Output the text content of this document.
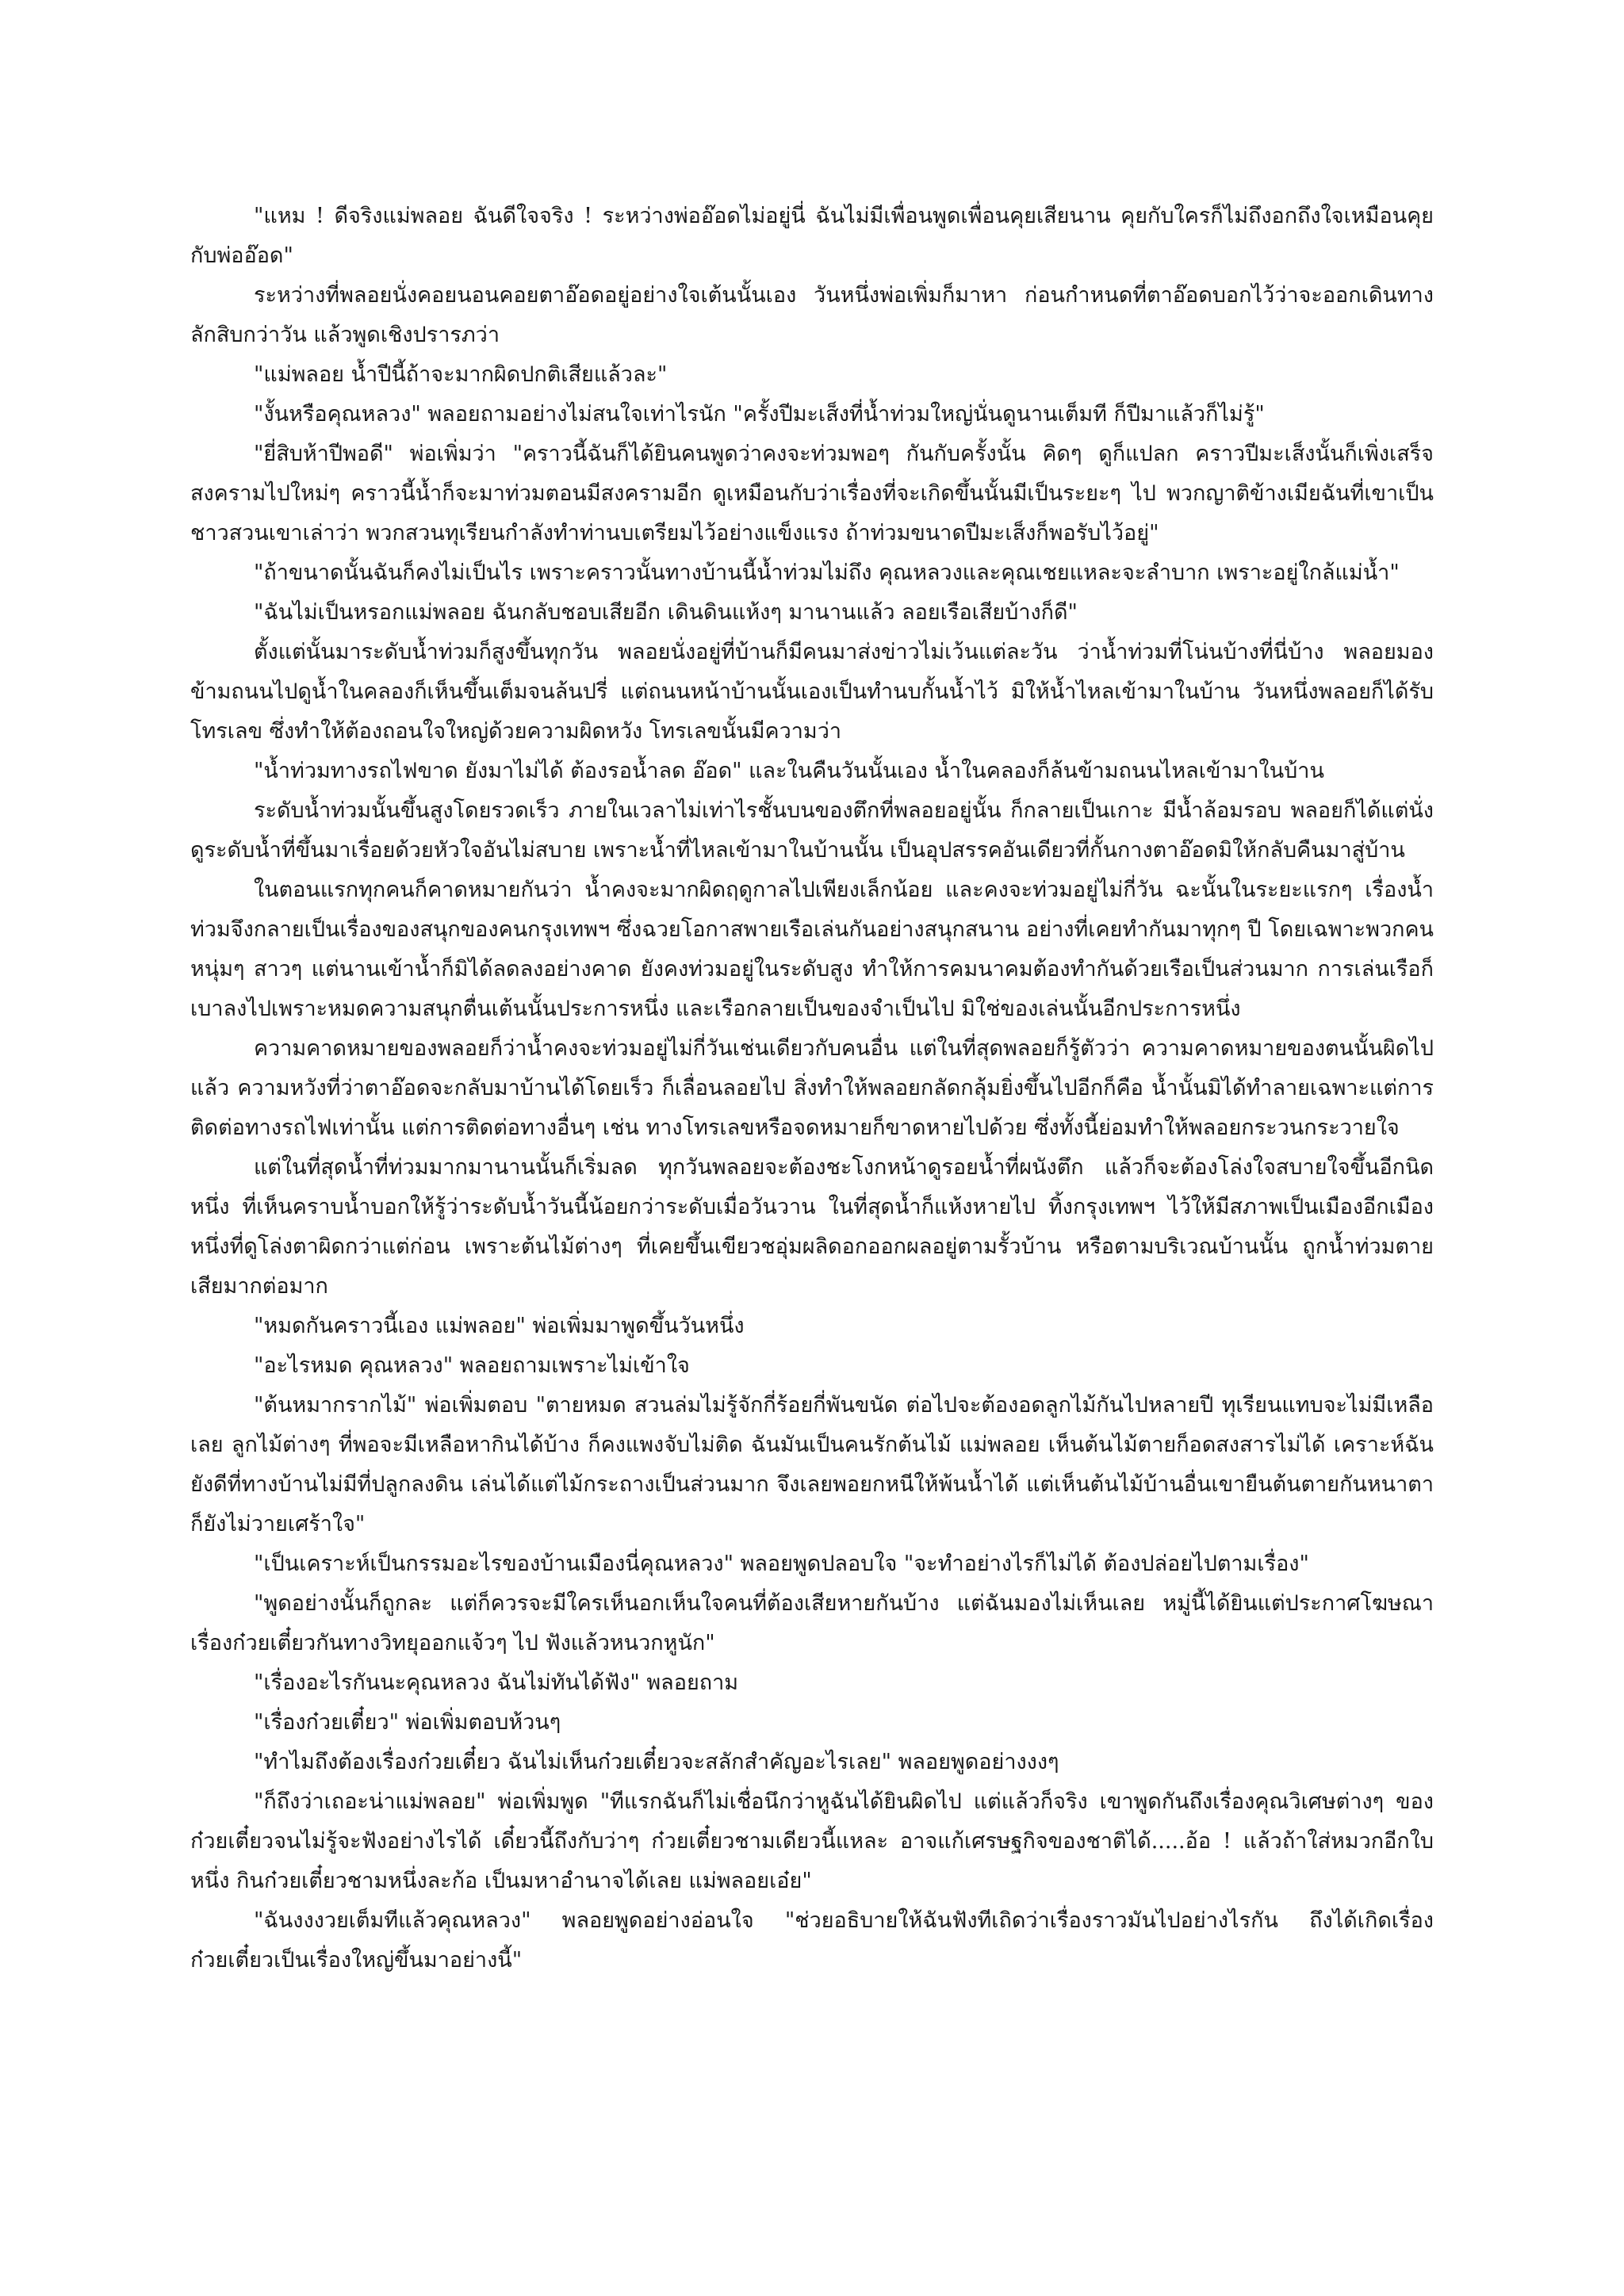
"แหม ! ดีจริงแม่พลอย ฉันดีใจจริง ! ระหว่างพ่ออ๊อดไม่อยู่นี่ ฉันไม่มีเพื่อนพูดเพื่อนคุยเสียนาน คุยกับใครก็ไม่ถึงอกถึงใจเหมือนคุยกับพ่ออ๊อด"

ระหว่างที่พลอยนั่งคอยนอนคอยตาอ๊อดอยู่อย่างใจเต้นนั้นเอง วันหนึ่งพ่อเพิ่มก็มาหา ก่อนกำหนดที่ตาอ๊อดบอกไว้ว่าจะออกเดินทางลักสิบกว่าวัน แล้วพูดเชิงปรารภว่า

"แม่พลอย น้ำปีนี้ถ้าจะมากผิดปกติเสียแล้วละ"

"งั้นหรือคุณหลวง" พลอยถามอย่างไม่สนใจเท่าไรนัก "ครั้งปีมะเส็งที่น้ำท่วมใหญ่นั่นดูนานเต็มที ก็ปีมาแล้วก็ไม่รู้"

"ยี่สิบห้าปีพอดี" พ่อเพิ่มว่า "คราวนี้ฉันก็ได้ยินคนพูดว่าคงจะท่วมพอๆ กันกับครั้งนั้น คิดๆ ดูก็แปลก คราวปีมะเส็งนั้นก็เพิ่งเสร็จสงครามไปใหม่ๆ คราวนี้น้ำก็จะมาท่วมตอนมีสงครามอีก ดูเหมือนกับว่าเรื่องที่จะเกิดขึ้นนั้นมีเป็นระยะๆ ไป พวกญาติข้างเมียฉันที่เขาเป็นชาวสวนเขาเล่าว่า พวกสวนทุเรียนกำลังทำท่านบเตรียมไว้อย่างแข็งแรง ถ้าท่วมขนาดปีมะเส็งก็พอรับไว้อยู่"

"ถ้าขนาดนั้นฉันก็คงไม่เป็นไร เพราะคราวนั้นทางบ้านนี้น้ำท่วมไม่ถึง คุณหลวงและคุณเชยแหละจะลำบาก เพราะอยู่ใกล้แม่น้ำ"

"ฉันไม่เป็นหรอกแม่พลอย ฉันกลับชอบเสียอีก เดินดินแห้งๆ มานานแล้ว ลอยเรือเสียบ้างก็ดี"

ตั้งแต่นั้นมาระดับน้ำท่วมก็สูงขึ้นทุกวัน พลอยนั่งอยู่ที่บ้านก็มีคนมาส่งข่าวไม่เว้นแต่ละวัน ว่าน้ำท่วมที่โน่นบ้างที่นี่บ้าง พลอยมองข้ามถนนไปดูน้ำในคลองก็เห็นขึ้นเต็มจนล้นปรี่ แต่ถนนหน้าบ้านนั้นเองเป็นทำนบกั้นน้ำไว้ มิให้น้ำไหลเข้ามาในบ้าน วันหนึ่งพลอยก็ได้รับโทรเลข ซึ่งทำให้ต้องถอนใจใหญ่ด้วยความผิดหวัง โทรเลขนั้นมีความว่า

"น้ำท่วมทางรถไฟขาด ยังมาไม่ได้ ต้องรอน้ำลด อ๊อด" และในคืนวันนั้นเอง น้ำในคลองก็ล้นข้ามถนนไหลเข้ามาในบ้าน

ระดับน้ำท่วมนั้นขึ้นสูงโดยรวดเร็ว ภายในเวลาไม่เท่าไรชั้นบนของตึกที่พลอยอยู่นั้น ก็กลายเป็นเกาะ มีน้ำล้อมรอบ พลอยก็ได้แต่นั่งดูระดับน้ำที่ขึ้นมาเรื่อยด้วยหัวใจอันไม่สบาย เพราะน้ำที่ไหลเข้ามาในบ้านนั้น เป็นอุปสรรคอันเดียวที่กั้นกางตาอ๊อดมิให้กลับคืนมาสู่บ้าน

ในตอนแรกทุกคนก็คาดหมายกันว่า น้ำคงจะมากผิดฤดูกาลไปเพียงเล็กน้อย และคงจะท่วมอยู่ไม่กี่วัน ฉะนั้นในระยะแรกๆ เรื่องน้ำท่วมจึงกลายเป็นเรื่องของสนุกของคนกรุงเทพฯ ซึ่งฉวยโอกาสพายเรือเล่นกันอย่างสนุกสนาน อย่างที่เคยทำกันมาทุกๆ ปี โดยเฉพาะพวกคนหนุ่มๆ สาวๆ แต่นานเข้าน้ำก็มิได้ลดลงอย่างคาด ยังคงท่วมอยู่ในระดับสูง ทำให้การคมนาคมต้องทำกันด้วยเรือเป็นส่วนมาก การเล่นเรือก็เบาลงไปเพราะหมดความสนุกตื่นเต้นนั้นประการหนึ่ง และเรือกลายเป็นของจำเป็นไป มิใช่ของเล่นนั้นอีกประการหนึ่ง

ความคาดหมายของพลอยก็ว่าน้ำคงจะท่วมอยู่ไม่กี่วันเช่นเดียวกับคนอื่น แต่ในที่สุดพลอยก็รู้ตัวว่า ความคาดหมายของตนนั้นผิดไปแล้ว ความหวังที่ว่าตาอ๊อดจะกลับมาบ้านได้โดยเร็ว ก็เลื่อนลอยไป สิ่งทำให้พลอยกลัดกลุ้มยิ่งขึ้นไปอีกก็คือ น้ำนั้นมิได้ทำลายเฉพาะแต่การติดต่อทางรถไฟเท่านั้น แต่การติดต่อทางอื่นๆ เช่น ทางโทรเลขหรือจดหมายก็ขาดหายไปด้วย ซึ่งทั้งนี้ย่อมทำให้พลอยกระวนกระวายใจ

แต่ในที่สุดน้ำที่ท่วมมากมานานนั้นก็เริ่มลด ทุกวันพลอยจะต้องชะโงกหน้าดูรอยน้ำที่ผนังตึก แล้วก็จะต้องโล่งใจสบายใจขึ้นอีกนิดหนึ่ง ที่เห็นคราบน้ำบอกให้รู้ว่าระดับน้ำวันนี้น้อยกว่าระดับเมื่อวันวาน ในที่สุดน้ำก็แห้งหายไป ทิ้งกรุงเทพฯ ไว้ให้มีสภาพเป็นเมืองอีกเมืองหนึ่งที่ดูโล่งตาผิดกว่าแต่ก่อน เพราะต้นไม้ต่างๆ ที่เคยขึ้นเขียวชอุ่มผลิดอกออกผลอยู่ตามรั้วบ้าน หรือตามบริเวณบ้านนั้น ถูกน้ำท่วมตายเสียมากต่อมาก

"หมดกันคราวนี้เอง แม่พลอย" พ่อเพิ่มมาพูดขึ้นวันหนึ่ง

"อะไรหมด คุณหลวง" พลอยถามเพราะไม่เข้าใจ

"ต้นหมากรากไม้" พ่อเพิ่มตอบ "ตายหมด สวนล่มไม่รู้จักกี่ร้อยกี่พันขนัด ต่อไปจะต้องอดลูกไม้กันไปหลายปี ทุเรียนแทบจะไม่มีเหลือเลย ลูกไม้ต่างๆ ที่พอจะมีเหลือหากินได้บ้าง ก็คงแพงจับไม่ติด ฉันมันเป็นคนรักต้นไม้ แม่พลอย เห็นต้นไม้ตายก็อดสงสารไม่ได้ เคราะห์ฉันยังดีที่ทางบ้านไม่มีที่ปลูกลงดิน เล่นได้แต่ไม้กระถางเป็นส่วนมาก จึงเลยพอยกหนีให้พ้นน้ำได้ แต่เห็นต้นไม้บ้านอื่นเขายืนต้นตายกันหนาตา ก็ยังไม่วายเศร้าใจ"

"เป็นเคราะห์เป็นกรรมอะไรของบ้านเมืองนี่คุณหลวง" พลอยพูดปลอบใจ "จะทำอย่างไรก็ไม่ได้ ต้องปล่อยไปตามเรื่อง"

"พูดอย่างนั้นก็ถูกละ แต่ก็ควรจะมีใครเห็นอกเห็นใจคนที่ต้องเสียหายกันบ้าง แต่ฉันมองไม่เห็นเลย หมู่นี้ได้ยินแต่ประกาศโฆษณาเรื่องก๋วยเตี๋ยวกันทางวิทยุออกแจ้วๆ ไป ฟังแล้วหนวกหูนัก"

"เรื่องอะไรกันนะคุณหลวง ฉันไม่ทันได้ฟัง" พลอยถาม

"เรื่องก๋วยเตี๋ยว" พ่อเพิ่มตอบห้วนๆ

"ทำไมถึงต้องเรื่องก๋วยเตี๋ยว ฉันไม่เห็นก๋วยเตี๋ยวจะสลักสำคัญอะไรเลย" พลอยพูดอย่างงงๆ

"ก็ถึงว่าเถอะน่าแม่พลอย" พ่อเพิ่มพูด "ทีแรกฉันก็ไม่เชื่อนึกว่าหูฉันได้ยินผิดไป แต่แล้วก็จริง เขาพูดกันถึงเรื่องคุณวิเศษต่างๆ ของก๋วยเตี๋ยวจนไม่รู้จะฟังอย่างไรได้ เดี๋ยวนี้ถึงกับว่าๆ ก๋วยเตี๋ยวชามเดียวนี้แหละ อาจแก้เศรษฐกิจของชาติได้.....อ้อ ! แล้วถ้าใส่หมวกอีกใบหนึ่ง กินก๋วยเตี๋ยวชามหนึ่งละก้อ เป็นมหาอำนาจได้เลย แม่พลอยเอ๋ย"

"ฉันงงงวยเต็มทีแล้วคุณหลวง" พลอยพูดอย่างอ่อนใจ "ช่วยอธิบายให้ฉันฟังทีเถิดว่าเรื่องราวมันไปอย่างไรกัน ถึงได้เกิดเรื่องก๋วยเตี๋ยวเป็นเรื่องใหญ่ขึ้นมาอย่างนี้"
